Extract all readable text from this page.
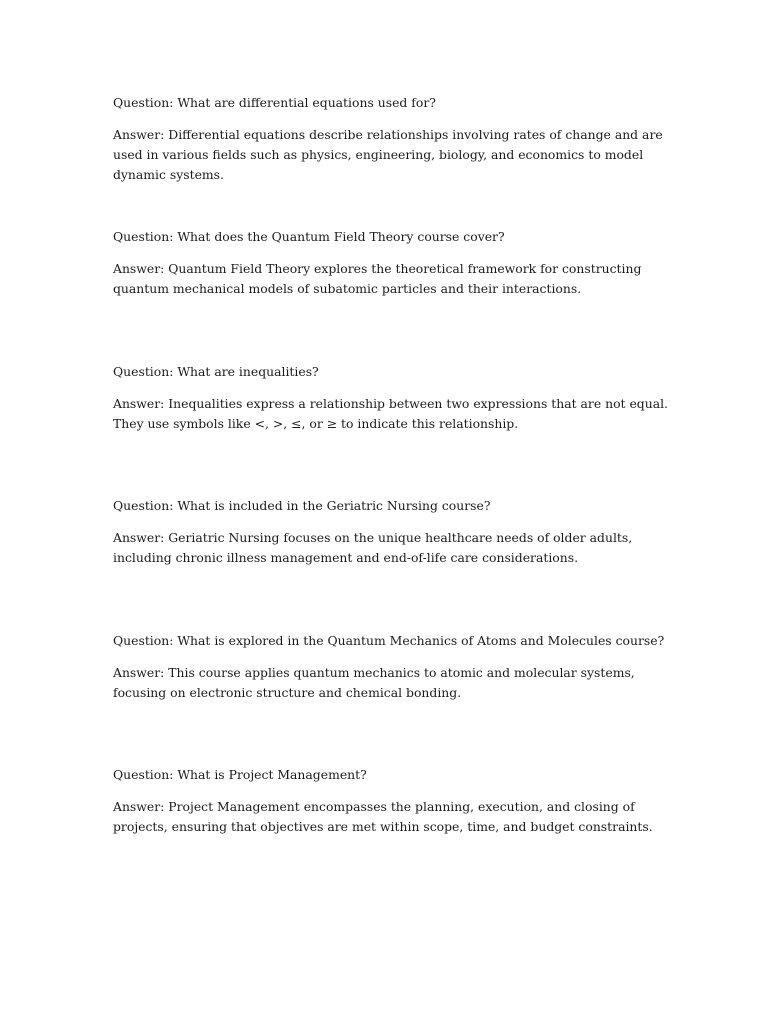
Question: What are differential equations used for?

Answer: Differential equations describe relationships involving rates of change and are used in various fields such as physics, engineering, biology, and economics to model dynamic systems.

Question: What does the Quantum Field Theory course cover?

Answer: Quantum Field Theory explores the theoretical framework for constructing quantum mechanical models of subatomic particles and their interactions.

Question: What are inequalities?

Answer: Inequalities express a relationship between two expressions that are not equal. They use symbols like <, >, ≤, or ≥ to indicate this relationship.

Question: What is included in the Geriatric Nursing course?

Answer: Geriatric Nursing focuses on the unique healthcare needs of older adults, including chronic illness management and end-of-life care considerations.

Question: What is explored in the Quantum Mechanics of Atoms and Molecules course?

Answer: This course applies quantum mechanics to atomic and molecular systems, focusing on electronic structure and chemical bonding.

Question: What is Project Management?

Answer: Project Management encompasses the planning, execution, and closing of projects, ensuring that objectives are met within scope, time, and budget constraints.
